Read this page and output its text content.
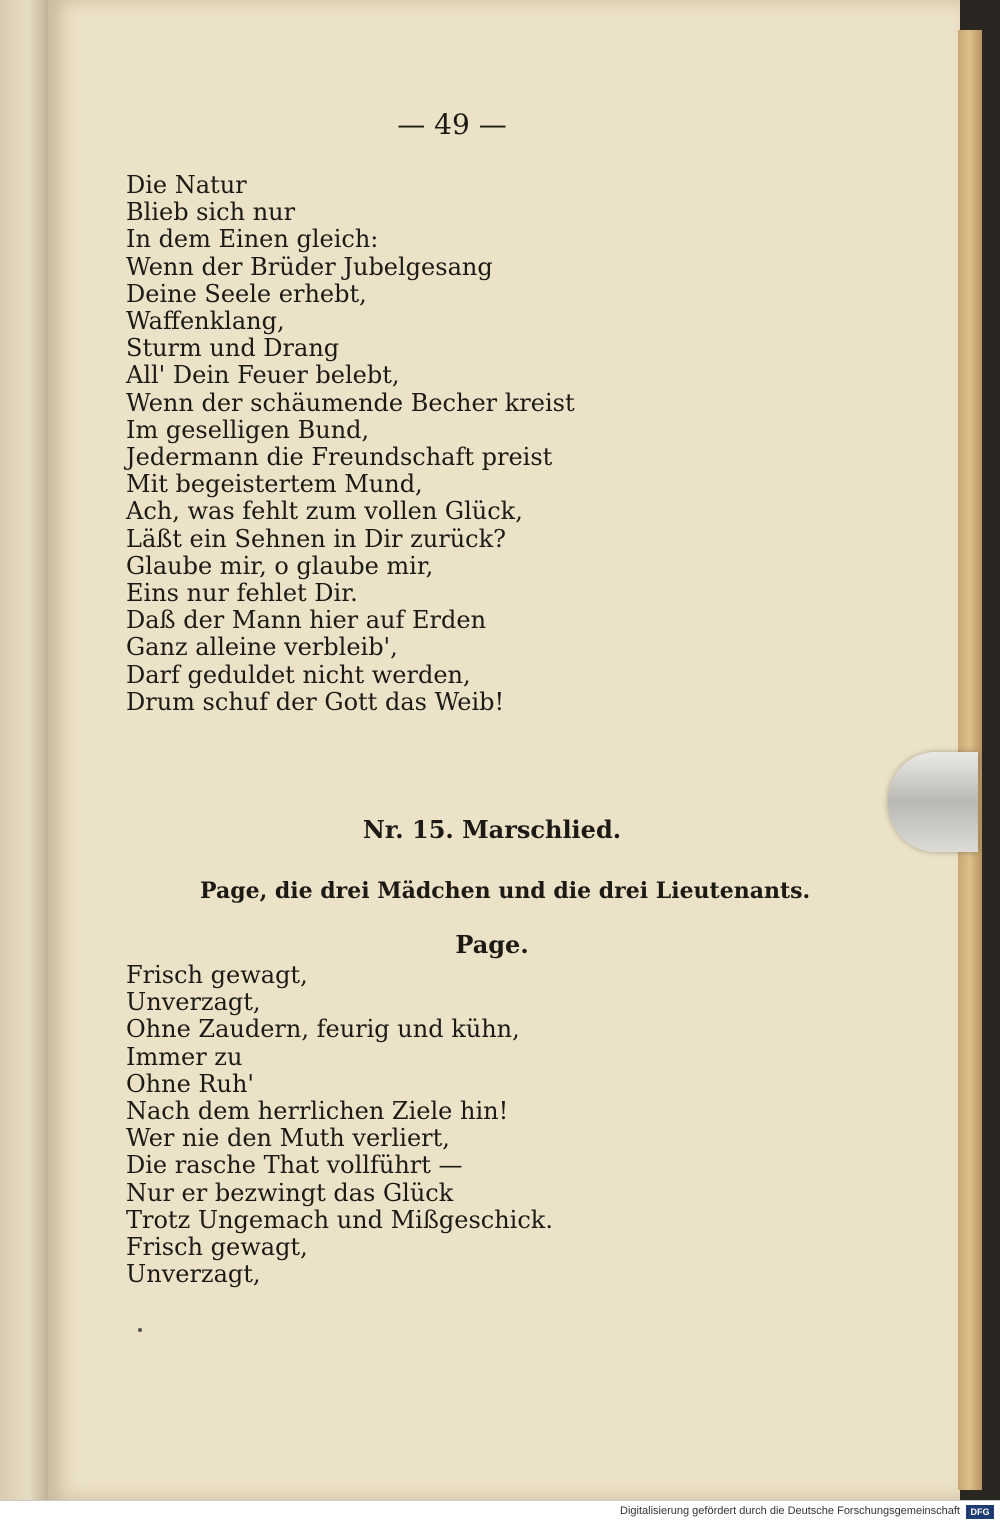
— 49 —
Die Natur
Blieb sich nur
In dem Einen gleich:
Wenn der Brüder Jubelgesang
Deine Seele erhebt,
Waffenklang,
Sturm und Drang
All' Dein Feuer belebt,
Wenn der schäumende Becher kreist
Im geselligen Bund,
Jedermann die Freundschaft preist
Mit begeistertem Mund,
Ach, was fehlt zum vollen Glück,
Läßt ein Sehnen in Dir zurück?
Glaube mir, o glaube mir,
Eins nur fehlet Dir.
Daß der Mann hier auf Erden
Ganz alleine verbleib',
Darf geduldet nicht werden,
Drum schuf der Gott das Weib!
Nr. 15. Marschlied.
Page, die drei Mädchen und die drei Lieutenants.
Page.
Frisch gewagt,
Unverzagt,
Ohne Zaudern, feurig und kühn,
Immer zu
Ohne Ruh'
Nach dem herrlichen Ziele hin!
Wer nie den Muth verliert,
Die rasche That vollführt —
Nur er bezwingt das Glück
Trotz Ungemach und Mißgeschick.
Frisch gewagt,
Unverzagt,
Digitalisierung gefördert durch die Deutsche Forschungsgemeinschaft	DFG
